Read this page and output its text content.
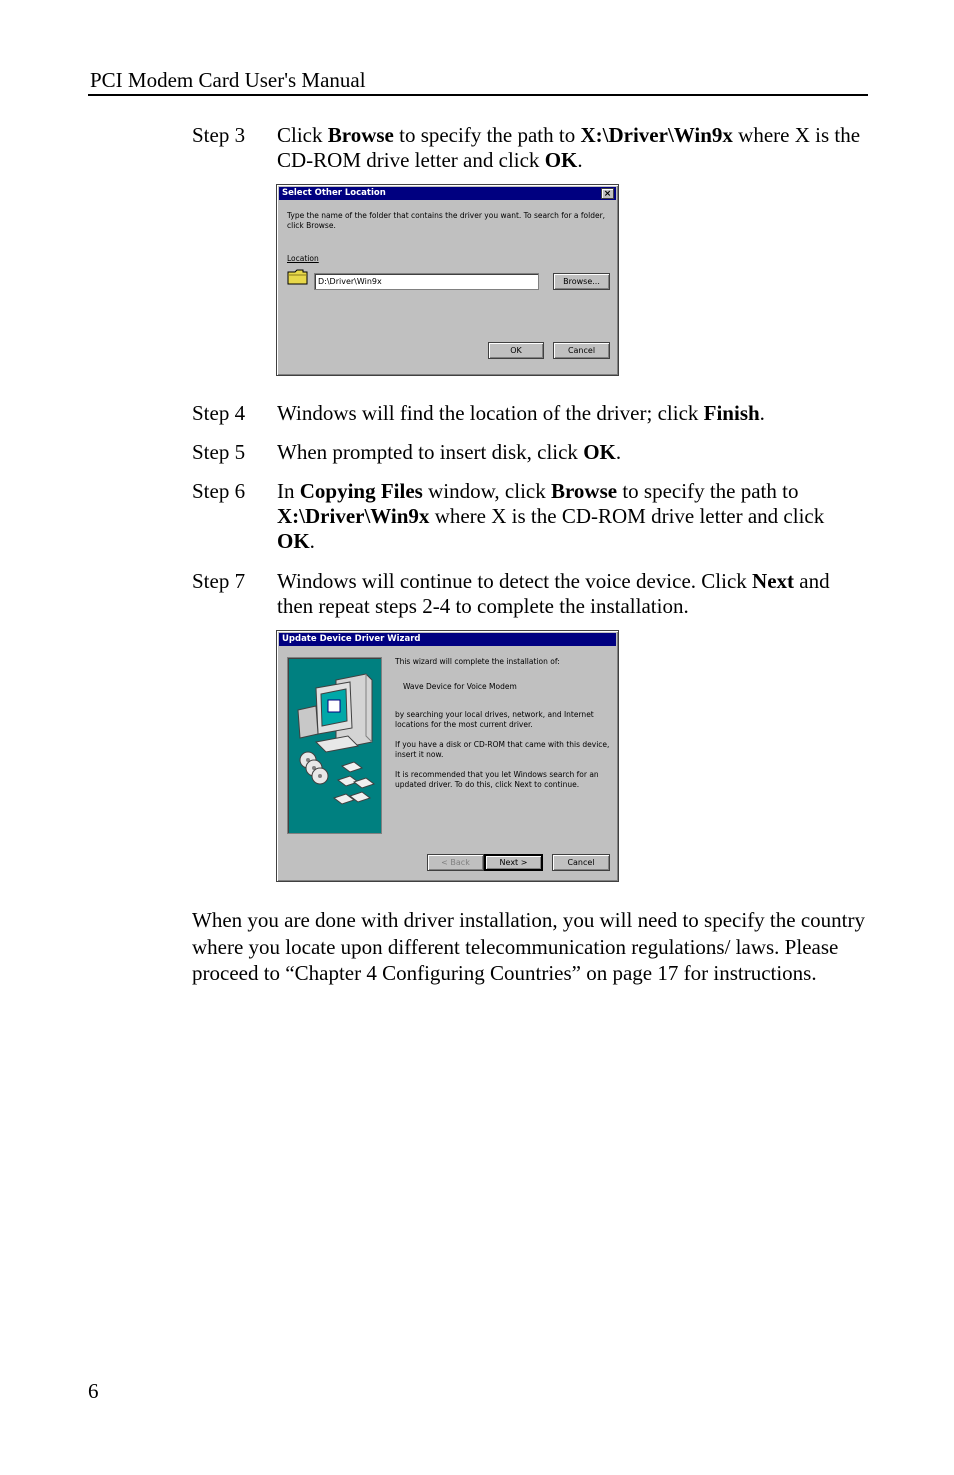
PCI Modem Card User's Manual
Step 3 Click Browse to specify the path to X:\Driver\Win9x where X is the CD-ROM drive letter and click OK.
Select Other Location	×
Type the name of the folder that contains the driver you want. To search for a folder, click Browse.
Location
D:\Driver\Win9x	Browse...
OK	Cancel
Step 4 Windows will find the location of the driver; click Finish.
Step 5 When prompted to insert disk, click OK.
Step 6 In Copying Files window, click Browse to specify the path to X:\Driver\Win9x where X is the CD-ROM drive letter and click OK.
Step 7 Windows will continue to detect the voice device. Click Next and then repeat steps 2-4 to complete the installation.
Update Device Driver Wizard
This wizard will complete the installation of:
Wave Device for Voice Modem
by searching your local drives, network, and Internet locations for the most current driver.
If you have a disk or CD-ROM that came with this device, insert it now.
It is recommended that you let Windows search for an updated driver. To do this, click Next to continue.
< Back	Next >	Cancel
When you are done with driver installation, you will need to specify the country where you locate upon different telecommunication regulations/ laws. Please proceed to “Chapter 4 Configuring Countries” on page 17 for instructions.
6
